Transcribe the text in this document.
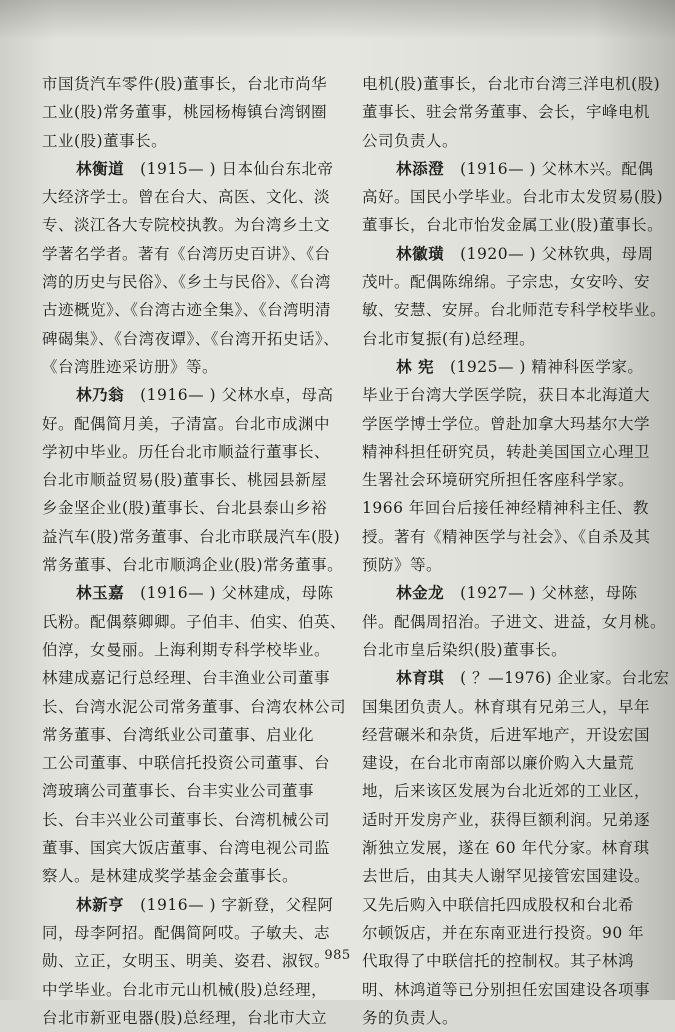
市国货汽车零件(股)董事长，台北市尚华
工业(股)常务董事，桃园杨梅镇台湾钢圈
工业(股)董事长。
林衡道  (1915— ) 日本仙台东北帝
大经济学士。曾在台大、高医、文化、淡
专、淡江各大专院校执教。为台湾乡土文
学著名学者。著有《台湾历史百讲》、《台
湾的历史与民俗》、《乡土与民俗》、《台湾
古迹概览》、《台湾古迹全集》、《台湾明清
碑碣集》、《台湾夜谭》、《台湾开拓史话》、
《台湾胜迹采访册》等。
林乃翁  (1916— ) 父林水卓，母高
好。配偶简月美，子清富。台北市成渊中
学初中毕业。历任台北市顺益行董事长、
台北市顺益贸易(股)董事长、桃园县新屋
乡金坚企业(股)董事长、台北县泰山乡裕
益汽车(股)常务董事、台北市联晟汽车(股)
常务董事、台北市顺鸿企业(股)常务董事。
林玉嘉  (1916— ) 父林建成，母陈
氏粉。配偶蔡卿卿。子伯丰、伯实、伯英、
伯淳，女曼丽。上海利期专科学校毕业。
林建成嘉记行总经理、台丰渔业公司董事
长、台湾水泥公司常务董事、台湾农林公司
常务董事、台湾纸业公司董事、启业化
工公司董事、中联信托投资公司董事、台
湾玻璃公司董事长、台丰实业公司董事
长、台丰兴业公司董事长、台湾机械公司
董事、国宾大饭店董事、台湾电视公司监
察人。是林建成奖学基金会董事长。
林新亨  (1916— ) 字新登，父程阿
同，母李阿招。配偶简阿哎。子敏夫、志
勋、立正，女明玉、明美、姿君、淑钗。
中学毕业。台北市元山机械(股)总经理，
台北市新亚电器(股)总经理，台北市大立
电机(股)董事长，台北市台湾三洋电机(股)
董事长、驻会常务董事、会长，宇峰电机
公司负责人。
林添澄  (1916— ) 父林木兴。配偶
高好。国民小学毕业。台北市太发贸易(股)
董事长，台北市怡发金属工业(股)董事长。
林徽璜  (1920— ) 父林钦典，母周
茂叶。配偶陈绵绵。子宗忠，女安吟、安
敏、安慧、安屏。台北师范专科学校毕业。
台北市复振(有)总经理。
林 宪  (1925— ) 精神科医学家。
毕业于台湾大学医学院，获日本北海道大
学医学博士学位。曾赴加拿大玛基尔大学
精神科担任研究员，转赴美国国立心理卫
生署社会环境研究所担任客座科学家。
1966 年回台后接任神经精神科主任、教
授。著有《精神医学与社会》、《自杀及其
预防》等。
林金龙  (1927— ) 父林慈，母陈
伴。配偶周招治。子进文、进益，女月桃。
台北市皇后染织(股)董事长。
林育琪  ( ？—1976) 企业家。台北宏
国集团负责人。林育琪有兄弟三人，早年
经营碾米和杂货，后进军地产，开设宏国
建设，在台北市南部以廉价购入大量荒
地，后来该区发展为台北近郊的工业区，
适时开发房产业，获得巨额利润。兄弟逐
渐独立发展，遂在 60 年代分家。林育琪
去世后，由其夫人谢罕见接管宏国建设。
又先后购入中联信托四成股权和台北希
尔顿饭店，并在东南亚进行投资。90 年
代取得了中联信托的控制权。其子林鸿
明、林鸿道等已分别担任宏国建设各项事
务的负责人。
985
